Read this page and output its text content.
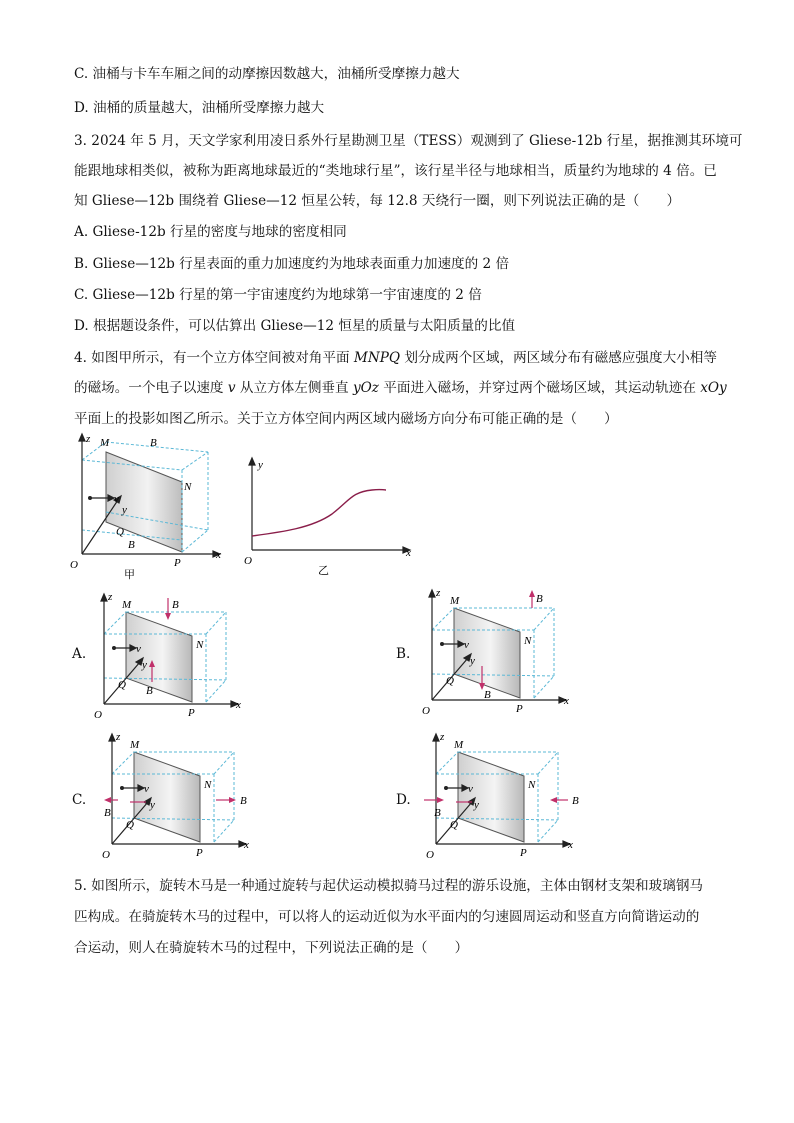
C. 油桶与卡车车厢之间的动摩擦因数越大，油桶所受摩擦力越大
D. 油桶的质量越大，油桶所受摩擦力越大
3. 2024 年 5 月，天文学家利用凌日系外行星勘测卫星（TESS）观测到了 Gliese-12b 行星，据推测其环境可
能跟地球相类似，被称为距离地球最近的“类地球行星”，该行星半径与地球相当，质量约为地球的 4 倍。已
知 Gliese—12b 围绕着 Gliese—12 恒星公转，每 12.8 天绕行一圈，则下列说法正确的是（　　）
A. Gliese-12b 行星的密度与地球的密度相同
B. Gliese—12b 行星表面的重力加速度约为地球表面重力加速度的 2 倍
C. Gliese—12b 行星的第一宇宙速度约为地球第一宇宙速度的 2 倍
D. 根据题设条件，可以估算出 Gliese—12 恒星的质量与太阳质量的比值
4. 如图甲所示，有一个立方体空间被对角平面 MNPQ 划分成两个区域，两区域分布有磁感应强度大小相等
的磁场。一个电子以速度 v 从立方体左侧垂直 yOz 平面进入磁场，并穿过两个磁场区域，其运动轨迹在 xOy
平面上的投影如图乙所示。关于立方体空间内两区域内磁场方向分布可能正确的是（　　）
O
x
z
y
v
M	B
N
P
Q
B
甲
O
x
y
乙
B
B
O
x
z
y
v
M
N
P
Q
B
B
O
x
z
y
v
M
N
P
Q
B
B
O
x
z
y
v
M
N
P
Q
B
B
O
x
z
y
v
M
N
P
Q
A.	B.
C.	D.
5. 如图所示，旋转木马是一种通过旋转与起伏运动模拟骑马过程的游乐设施，主体由钢材支架和玻璃钢马
匹构成。在骑旋转木马的过程中，可以将人的运动近似为水平面内的匀速圆周运动和竖直方向简谐运动的
合运动，则人在骑旋转木马的过程中，下列说法正确的是（　　）
